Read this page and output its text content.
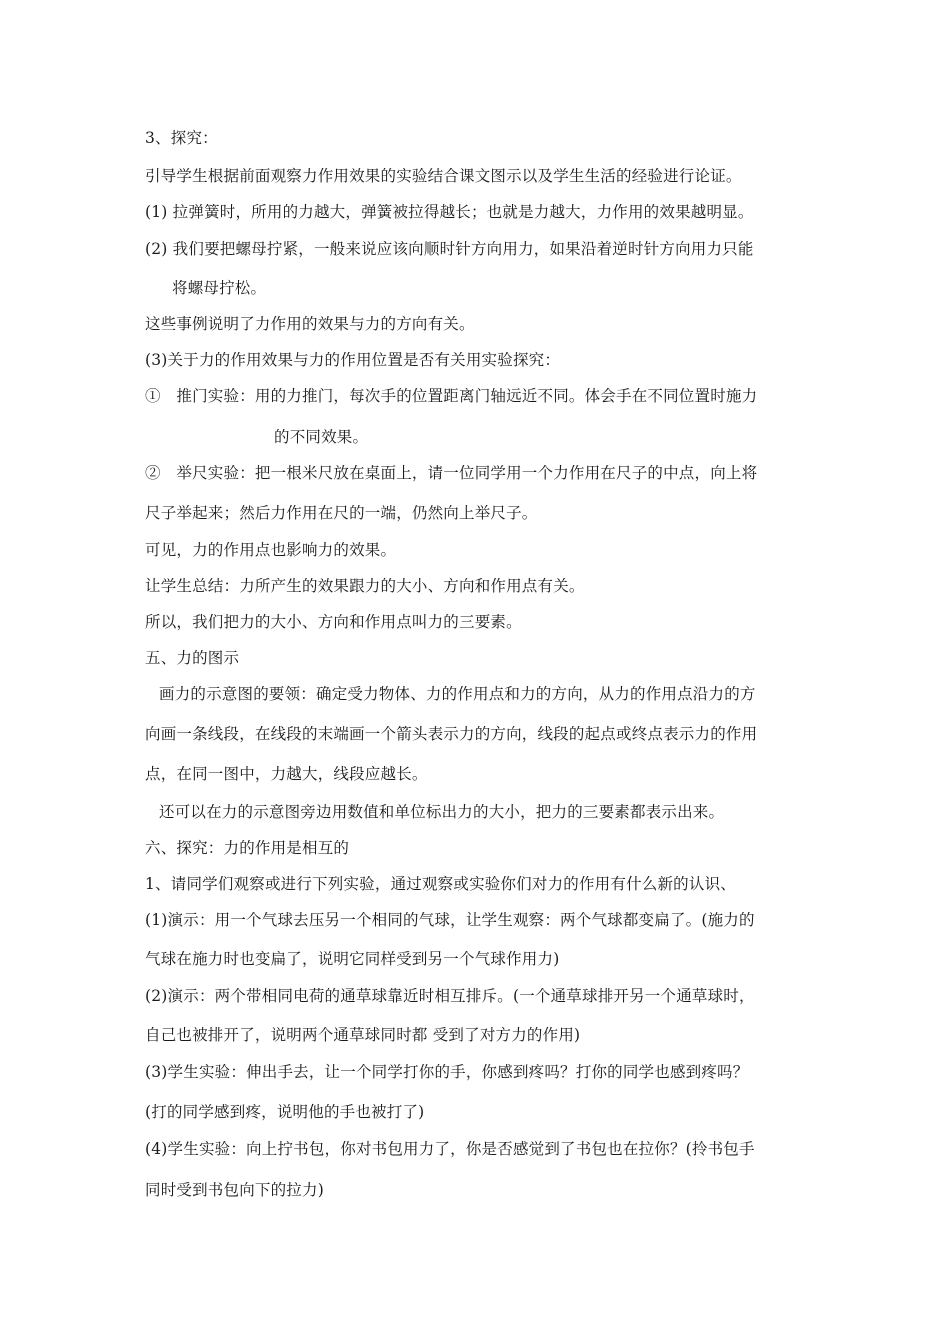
3、探究：
引导学生根据前面观察力作用效果的实验结合课文图示以及学生生活的经验进行论证。
(1) 拉弹簧时，所用的力越大，弹簧被拉得越长；也就是力越大，力作用的效果越明显。
(2) 我们要把螺母拧紧，一般来说应该向顺时针方向用力，如果沿着逆时针方向用力只能
将螺母拧松。
这些事例说明了力作用的效果与力的方向有关。
(3)关于力的作用效果与力的作用位置是否有关用实验探究：
①　推门实验：用的力推门，每次手的位置距离门轴远近不同。体会手在不同位置时施力
的不同效果。
②　举尺实验：把一根米尺放在桌面上，请一位同学用一个力作用在尺子的中点，向上将
尺子举起来；然后力作用在尺的一端，仍然向上举尺子。
可见，力的作用点也影响力的效果。
让学生总结：力所产生的效果跟力的大小、方向和作用点有关。
所以，我们把力的大小、方向和作用点叫力的三要素。
五、力的图示
画力的示意图的要领：确定受力物体、力的作用点和力的方向，从力的作用点沿力的方
向画一条线段，在线段的末端画一个箭头表示力的方向，线段的起点或终点表示力的作用
点，在同一图中，力越大，线段应越长。
还可以在力的示意图旁边用数值和单位标出力的大小，把力的三要素都表示出来。
六、探究：力的作用是相互的
1、请同学们观察或进行下列实验，通过观察或实验你们对力的作用有什么新的认识、
(1)演示：用一个气球去压另一个相同的气球，让学生观察：两个气球都变扁了。(施力的
气球在施力时也变扁了，说明它同样受到另一个气球作用力)
(2)演示：两个带相同电荷的通草球靠近时相互排斥。(一个通草球排开另一个通草球时，
自己也被排开了，说明两个通草球同时都 受到了对方力的作用)
(3)学生实验：伸出手去，让一个同学打你的手，你感到疼吗？打你的同学也感到疼吗？
(打的同学感到疼，说明他的手也被打了)
(4)学生实验：向上拧书包，你对书包用力了，你是否感觉到了书包也在拉你？(拎书包手
同时受到书包向下的拉力)
